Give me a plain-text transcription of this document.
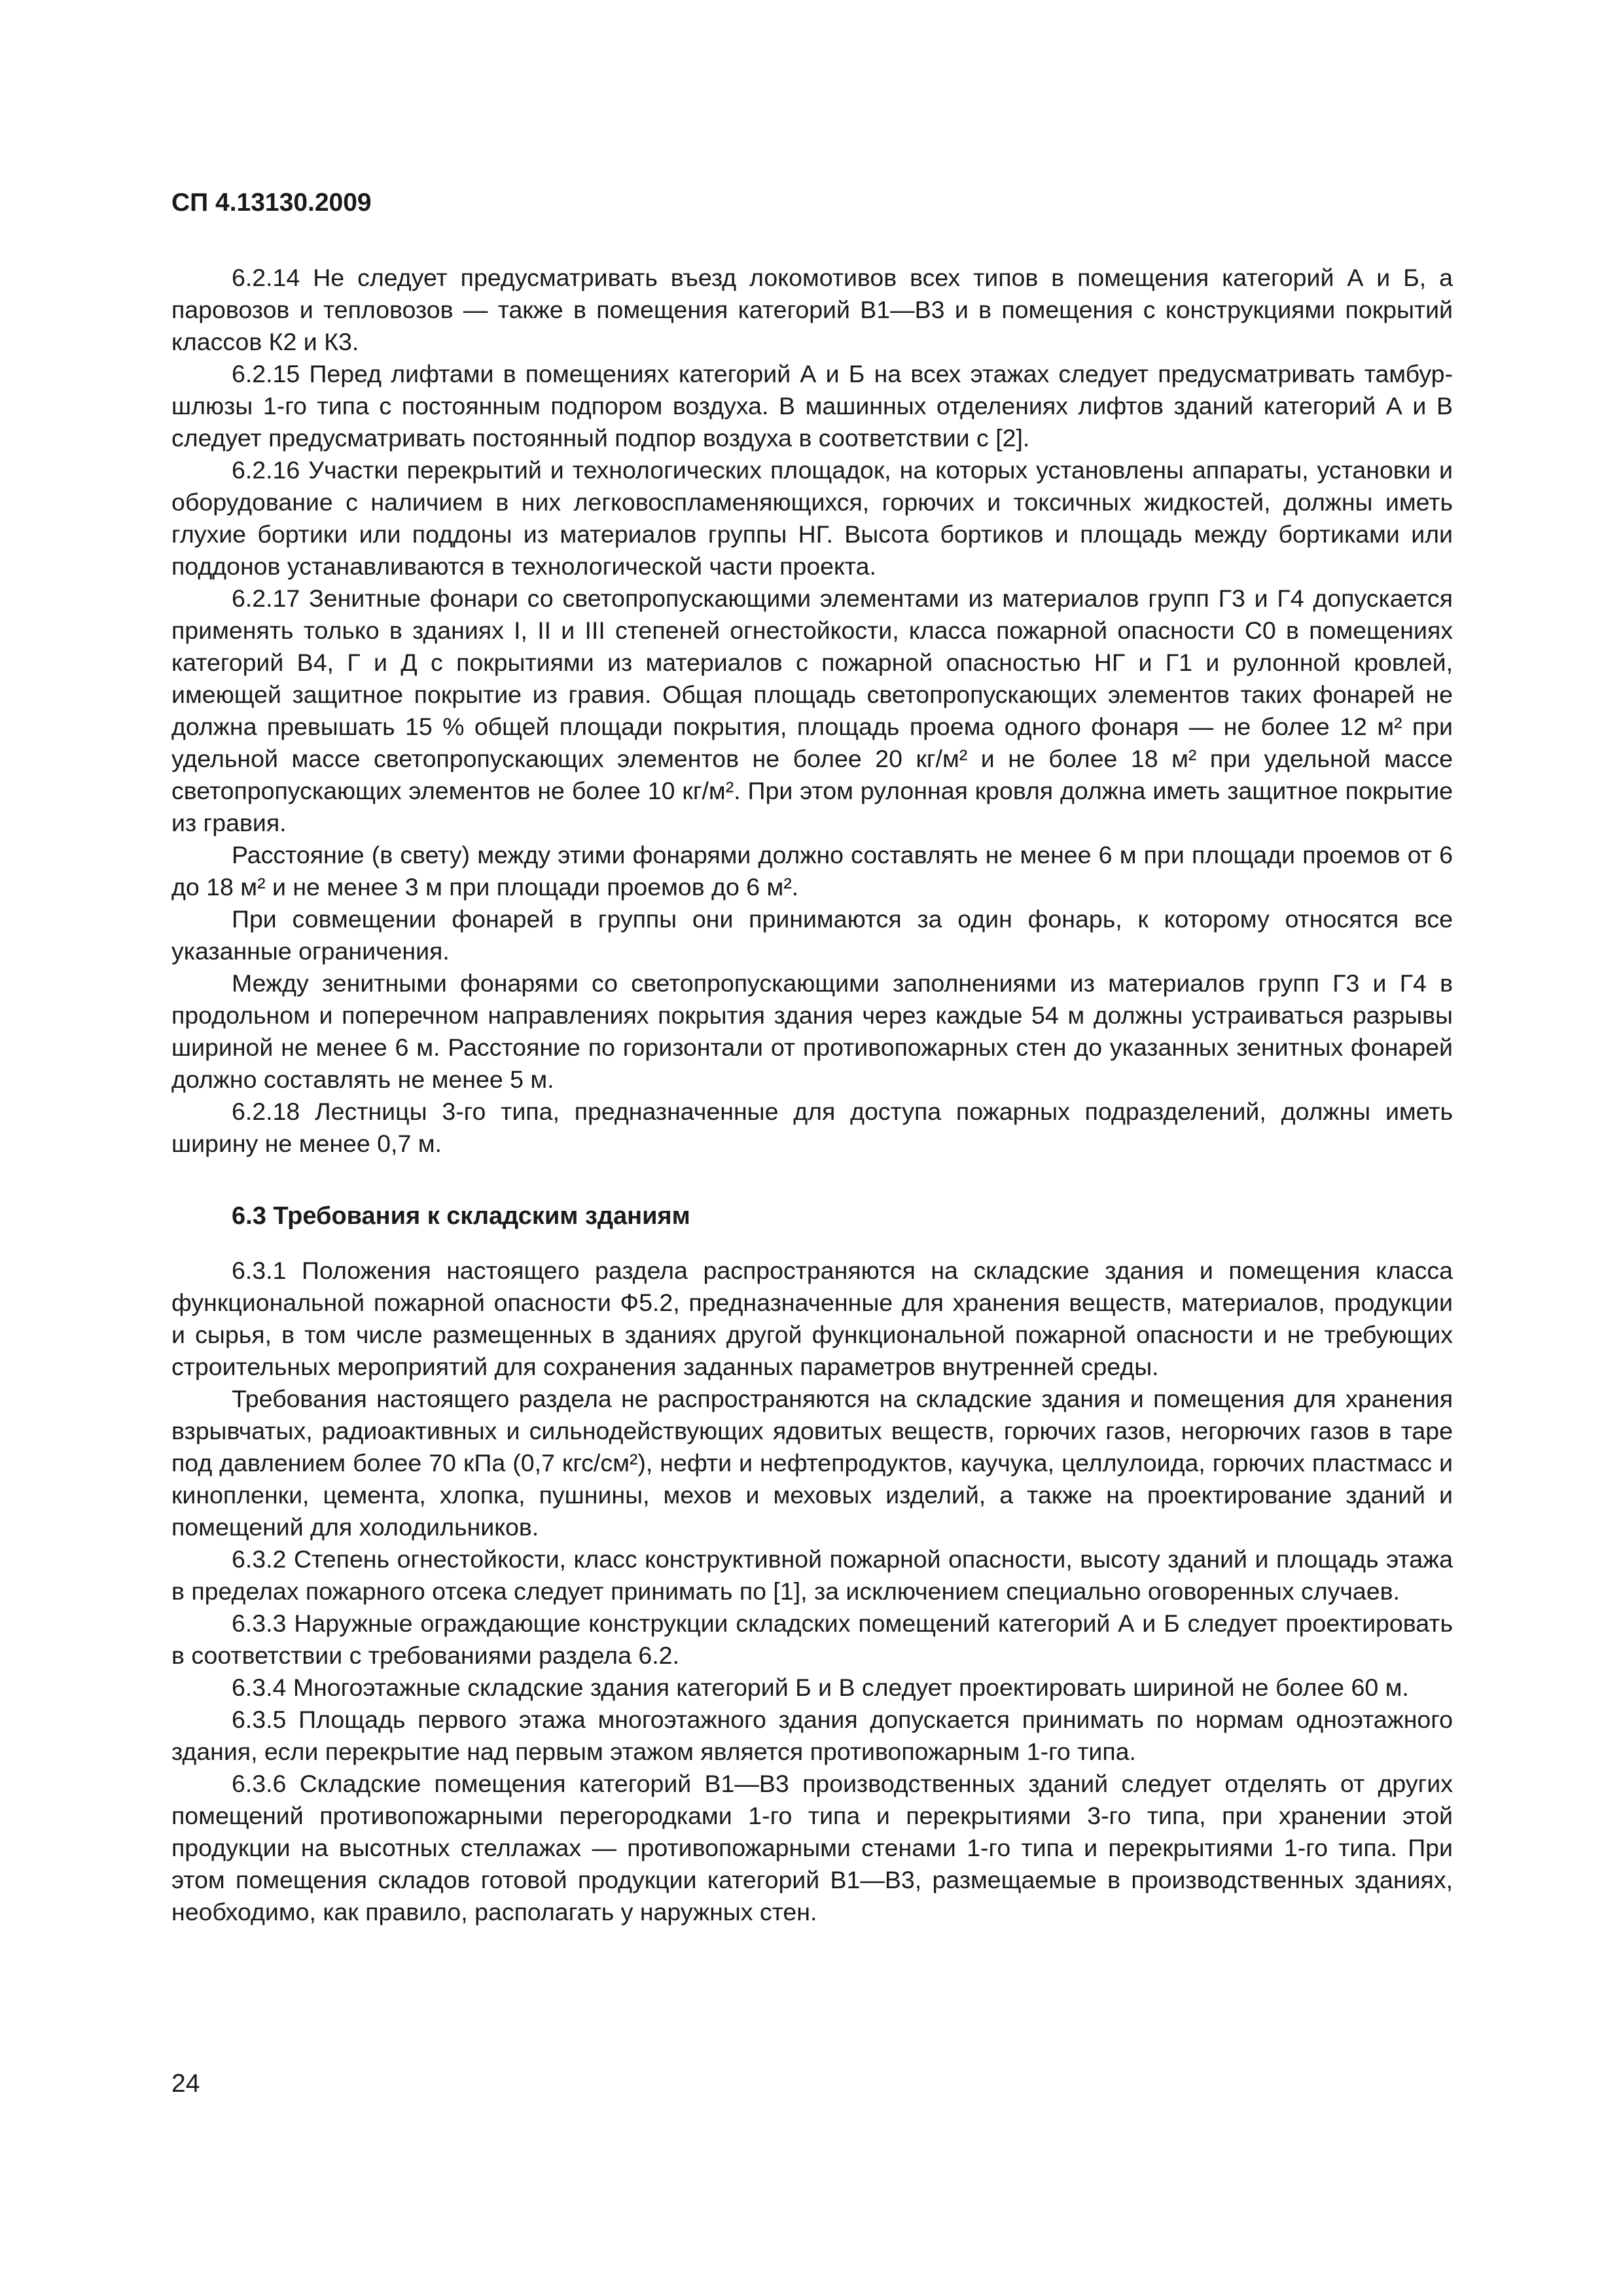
СП 4.13130.2009

6.2.14 Не следует предусматривать въезд локомотивов всех типов в помещения категорий А и Б, а паровозов и тепловозов — также в помещения категорий В1—В3 и в помещения с конструкциями покрытий классов К2 и К3.

6.2.15 Перед лифтами в помещениях категорий А и Б на всех этажах следует предусматривать тамбур-шлюзы 1-го типа с постоянным подпором воздуха. В машинных отделениях лифтов зданий категорий А и В следует предусматривать постоянный подпор воздуха в соответствии с [2].

6.2.16 Участки перекрытий и технологических площадок, на которых установлены аппараты, установки и оборудование с наличием в них легковоспламеняющихся, горючих и токсичных жидкостей, должны иметь глухие бортики или поддоны из материалов группы НГ. Высота бортиков и площадь между бортиками или поддонов устанавливаются в технологической части проекта.

6.2.17 Зенитные фонари со светопропускающими элементами из материалов групп Г3 и Г4 допускается применять только в зданиях I, II и III степеней огнестойкости, класса пожарной опасности С0 в помещениях категорий В4, Г и Д с покрытиями из материалов с пожарной опасностью НГ и Г1 и рулонной кровлей, имеющей защитное покрытие из гравия. Общая площадь светопропускающих элементов таких фонарей не должна превышать 15 % общей площади покрытия, площадь проема одного фонаря — не более 12 м² при удельной массе светопропускающих элементов не более 20 кг/м² и не более 18 м² при удельной массе светопропускающих элементов не более 10 кг/м². При этом рулонная кровля должна иметь защитное покрытие из гравия.

Расстояние (в свету) между этими фонарями должно составлять не менее 6 м при площади проемов от 6 до 18 м² и не менее 3 м при площади проемов до 6 м².

При совмещении фонарей в группы они принимаются за один фонарь, к которому относятся все указанные ограничения.

Между зенитными фонарями со светопропускающими заполнениями из материалов групп Г3 и Г4 в продольном и поперечном направлениях покрытия здания через каждые 54 м должны устраиваться разрывы шириной не менее 6 м. Расстояние по горизонтали от противопожарных стен до указанных зенитных фонарей должно составлять не менее 5 м.

6.2.18 Лестницы 3-го типа, предназначенные для доступа пожарных подразделений, должны иметь ширину не менее 0,7 м.

6.3 Требования к складским зданиям

6.3.1 Положения настоящего раздела распространяются на складские здания и помещения класса функциональной пожарной опасности Ф5.2, предназначенные для хранения веществ, материалов, продукции и сырья, в том числе размещенных в зданиях другой функциональной пожарной опасности и не требующих строительных мероприятий для сохранения заданных параметров внутренней среды.

Требования настоящего раздела не распространяются на складские здания и помещения для хранения взрывчатых, радиоактивных и сильнодействующих ядовитых веществ, горючих газов, негорючих газов в таре под давлением более 70 кПа (0,7 кгс/см²), нефти и нефтепродуктов, каучука, целлулоида, горючих пластмасс и кинопленки, цемента, хлопка, пушнины, мехов и меховых изделий, а также на проектирование зданий и помещений для холодильников.

6.3.2 Степень огнестойкости, класс конструктивной пожарной опасности, высоту зданий и площадь этажа в пределах пожарного отсека следует принимать по [1], за исключением специально оговоренных случаев.

6.3.3 Наружные ограждающие конструкции складских помещений категорий А и Б следует проектировать в соответствии с требованиями раздела 6.2.

6.3.4 Многоэтажные складские здания категорий Б и В следует проектировать шириной не более 60 м.

6.3.5 Площадь первого этажа многоэтажного здания допускается принимать по нормам одноэтажного здания, если перекрытие над первым этажом является противопожарным 1-го типа.

6.3.6 Складские помещения категорий В1—В3 производственных зданий следует отделять от других помещений противопожарными перегородками 1-го типа и перекрытиями 3-го типа, при хранении этой продукции на высотных стеллажах — противопожарными стенами 1-го типа и перекрытиями 1-го типа. При этом помещения складов готовой продукции категорий В1—В3, размещаемые в производственных зданиях, необходимо, как правило, располагать у наружных стен.

24
